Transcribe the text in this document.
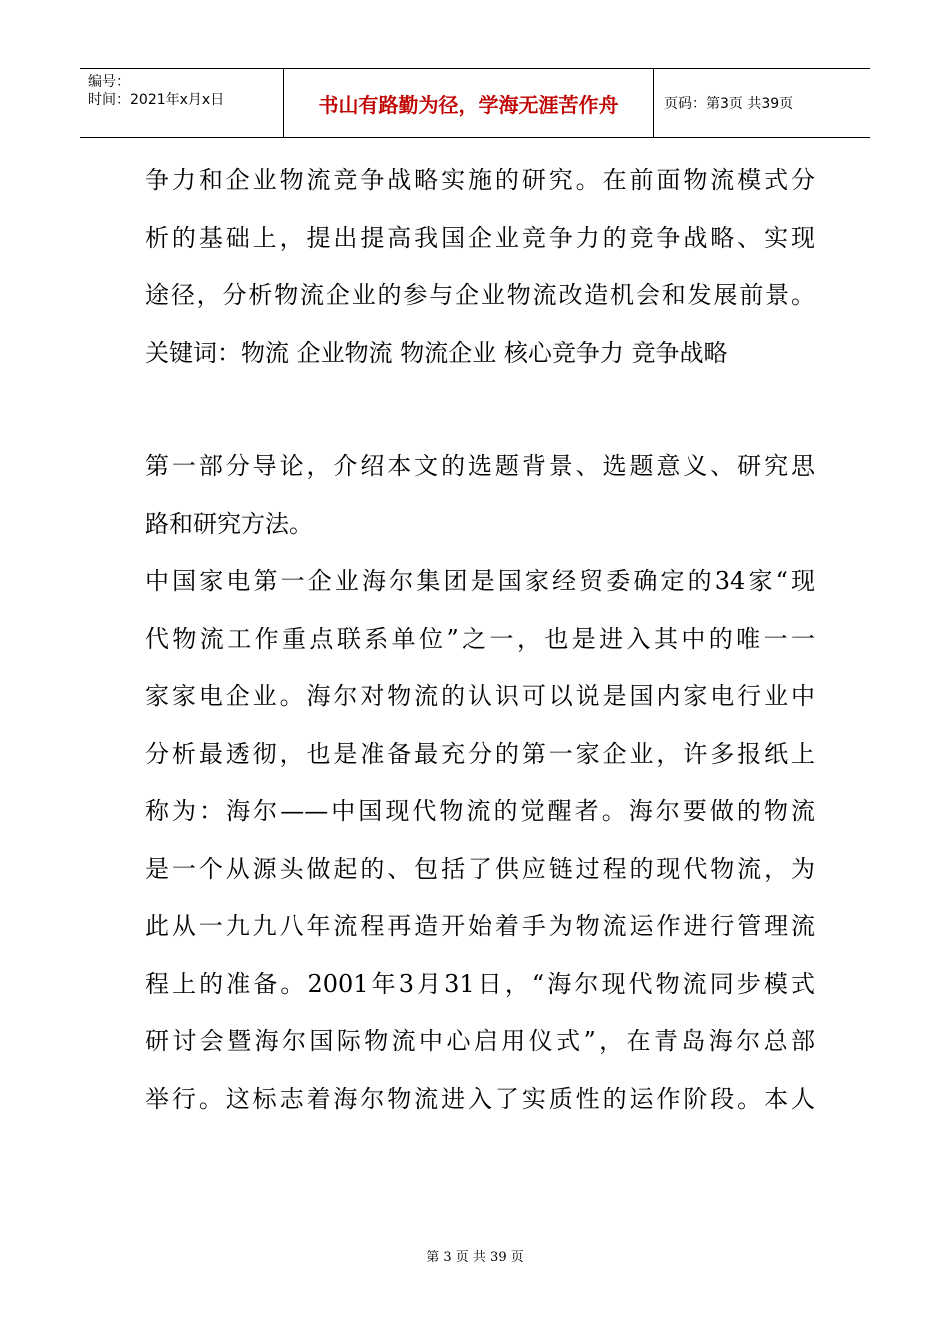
编号：
时间：2021年x月x日	书山有路勤为径，学海无涯苦作舟	页码：第3页 共39页
争力和企业物流竞争战略实施的研究。在前面物流模式分
析的基础上，提出提高我国企业竞争力的竞争战略、实现
途径，分析物流企业的参与企业物流改造机会和发展前景。
关键词：物流 企业物流 物流企业 核心竞争力 竞争战略
第一部分导论，介绍本文的选题背景、选题意义、研究思
路和研究方法。
中国家电第一企业海尔集团是国家经贸委确定的34家“现
代物流工作重点联系单位”之一，也是进入其中的唯一一
家家电企业。海尔对物流的认识可以说是国内家电行业中
分析最透彻，也是准备最充分的第一家企业，许多报纸上
称为：海尔——中国现代物流的觉醒者。海尔要做的物流
是一个从源头做起的、包括了供应链过程的现代物流，为
此从一九九八年流程再造开始着手为物流运作进行管理流
程上的准备。2001年3月31日，“海尔现代物流同步模式
研讨会暨海尔国际物流中心启用仪式”，在青岛海尔总部
举行。这标志着海尔物流进入了实质性的运作阶段。本人
第 3 页 共 39 页
